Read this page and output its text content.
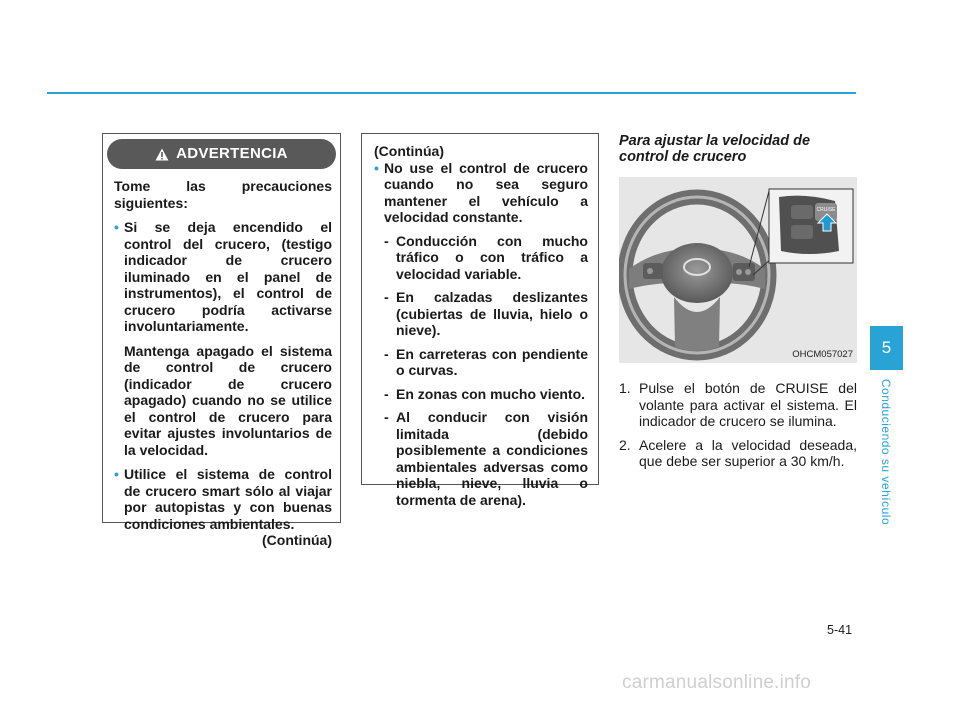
ADVERTENCIA

Tome las precauciones

siguientes:

• Si se deja encendido el

control del crucero, (testigo

indicador de crucero

iluminado en el panel de

instrumentos), el control de

crucero podría activarse

involuntariamente.

Mantenga apagado el sistema

de control de crucero

(indicador de crucero

apagado) cuando no se utilice

el control de crucero para

evitar ajustes involuntarios de

la velocidad.

• Utilice el sistema de control

de crucero smart sólo al viajar

por autopistas y con buenas

condiciones ambientales.

(Continúa)

(Continúa)

• No use el control de crucero

cuando no sea seguro

mantener el vehículo a

velocidad constante.

- Conducción con mucho

tráfico o con tráfico a

velocidad variable.

- En calzadas deslizantes

(cubiertas de lluvia, hielo o

nieve).

- En carreteras con pendiente

o curvas.

- En zonas con mucho viento.

- Al conducir con visión

limitada (debido

posiblemente a condiciones

ambientales adversas como

niebla, nieve, lluvia o

tormenta de arena).

Para ajustar la velocidad de

control de crucero

CRUISE
OHCM057027
1. Pulse el botón de CRUISE del

volante para activar el sistema. El

indicador de crucero se ilumina.

2. Acelere a la velocidad deseada,

que debe ser superior a 30 km/h.

5
Conduciendo su vehículo
5-41
carmanualsonline.info
